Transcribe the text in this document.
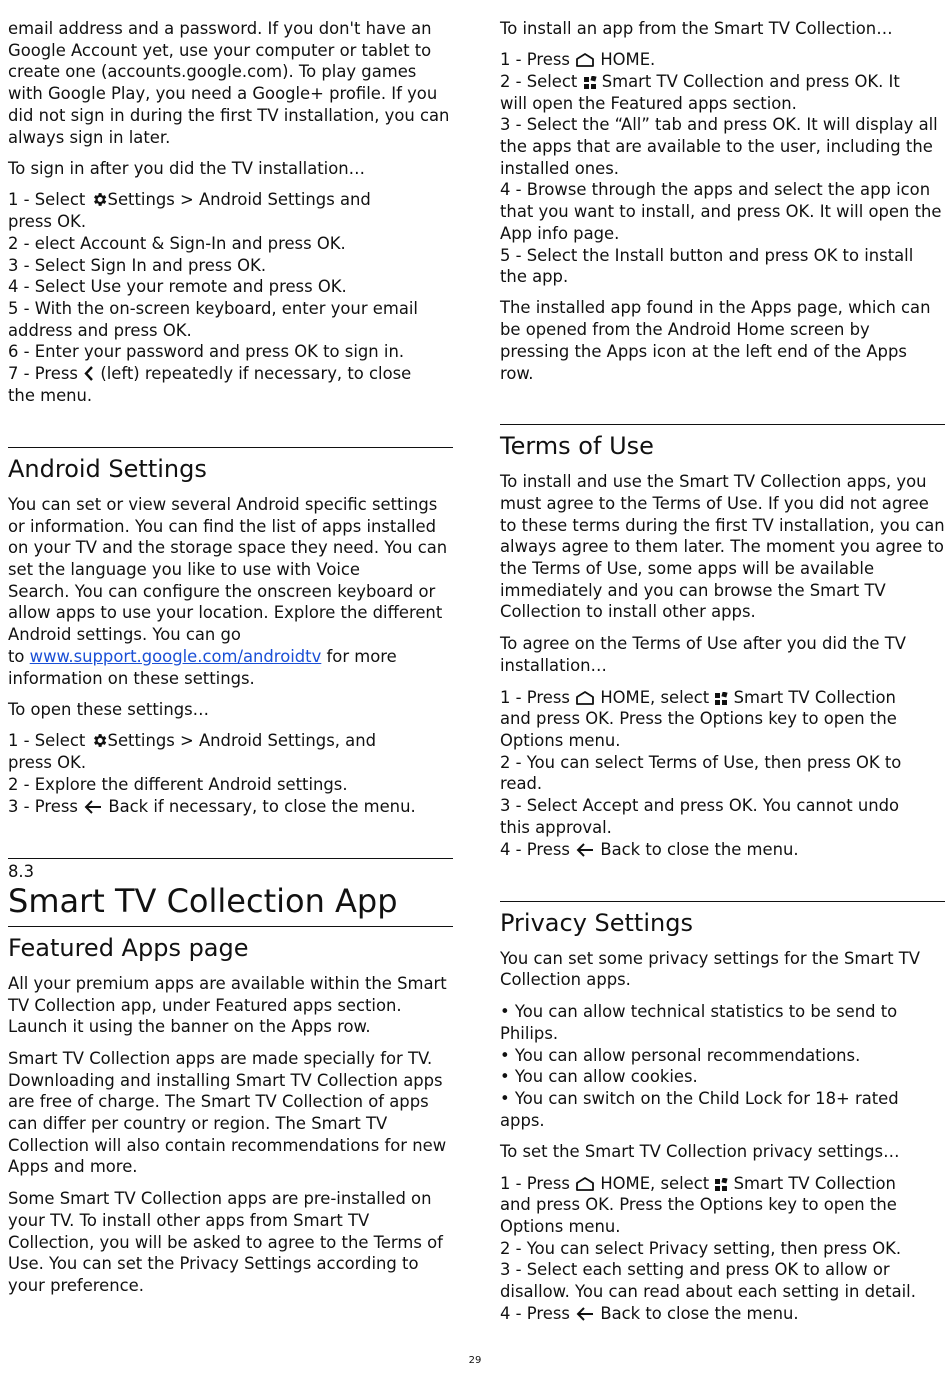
email address and a password. If you don't have an
Google Account yet, use your computer or tablet to
create one (accounts.google.com). To play games
with Google Play, you need a Google+ profile. If you
did not sign in during the first TV installation, you can
always sign in later.

To sign in after you did the TV installation…

1 - Select
Settings > Android Settings and

press OK.

2 - elect Account & Sign-In and press OK.

3 - Select Sign In and press OK.

4 - Select Use your remote and press OK.

5 - With the on-screen keyboard, enter your email

address and press OK.

6 - Enter your password and press OK to sign in.

7 - Press
(left) repeatedly if necessary, to close

the menu.

Android Settings
You can set or view several Android specific settings
or information. You can find the list of apps installed
on your TV and the storage space they need. You can
set the language you like to use with Voice
Search. You can configure the onscreen keyboard or
allow apps to use your location. Explore the different
Android settings. You can go
to www.support.google.com/androidtv for more
information on these settings.

To open these settings…

1 - Select
Settings > Android Settings, and

press OK.

2 - Explore the different Android settings.

3 - Press
Back if necessary, to close the menu.

8.3
Smart TV Collection App
Featured Apps page
All your premium apps are available within the Smart
TV Collection app, under Featured apps section.
Launch it using the banner on the Apps row.
Smart TV Collection apps are made specially for TV.
Downloading and installing Smart TV Collection apps
are free of charge. The Smart TV Collection of apps
can differ per country or region. The Smart TV
Collection will also contain recommendations for new
Apps and more.
Some Smart TV Collection apps are pre-installed on
your TV. To install other apps from Smart TV
Collection, you will be asked to agree to the Terms of
Use. You can set the Privacy Settings according to
your preference.

To install an app from the Smart TV Collection…

1 - Press
HOME.

2 - Select
Smart TV Collection and press OK. It

will open the Featured apps section.

3 - Select the “All” tab and press OK. It will display all

the apps that are available to the user, including the

installed ones.

4 - Browse through the apps and select the app icon

that you want to install, and press OK. It will open the

App info page.

5 - Select the Install button and press OK to install

the app.

The installed app found in the Apps page, which can
be opened from the Android Home screen by
pressing the Apps icon at the left end of the Apps
row.
Terms of Use
To install and use the Smart TV Collection apps, you
must agree to the Terms of Use. If you did not agree
to these terms during the first TV installation, you can
always agree to them later. The moment you agree to
the Terms of Use, some apps will be available
immediately and you can browse the Smart TV
Collection to install other apps.
To agree on the Terms of Use after you did the TV
installation…

1 - Press
HOME, select
Smart TV Collection

and press OK. Press the Options key to open the

Options menu.

2 - You can select Terms of Use, then press OK to

read.

3 - Select Accept and press OK. You cannot undo

this approval.

4 - Press
Back to close the menu.

Privacy Settings
You can set some privacy settings for the Smart TV
Collection apps.
• You can allow technical statistics to be send to
Philips.
• You can allow personal recommendations.
• You can allow cookies.
• You can switch on the Child Lock for 18+ rated apps.

To set the Smart TV Collection privacy settings…

1 - Press
HOME, select
Smart TV Collection

and press OK. Press the Options key to open the

Options menu.

2 - You can select Privacy setting, then press OK.

3 - Select each setting and press OK to allow or

disallow. You can read about each setting in detail.

4 - Press
Back to close the menu.

29
